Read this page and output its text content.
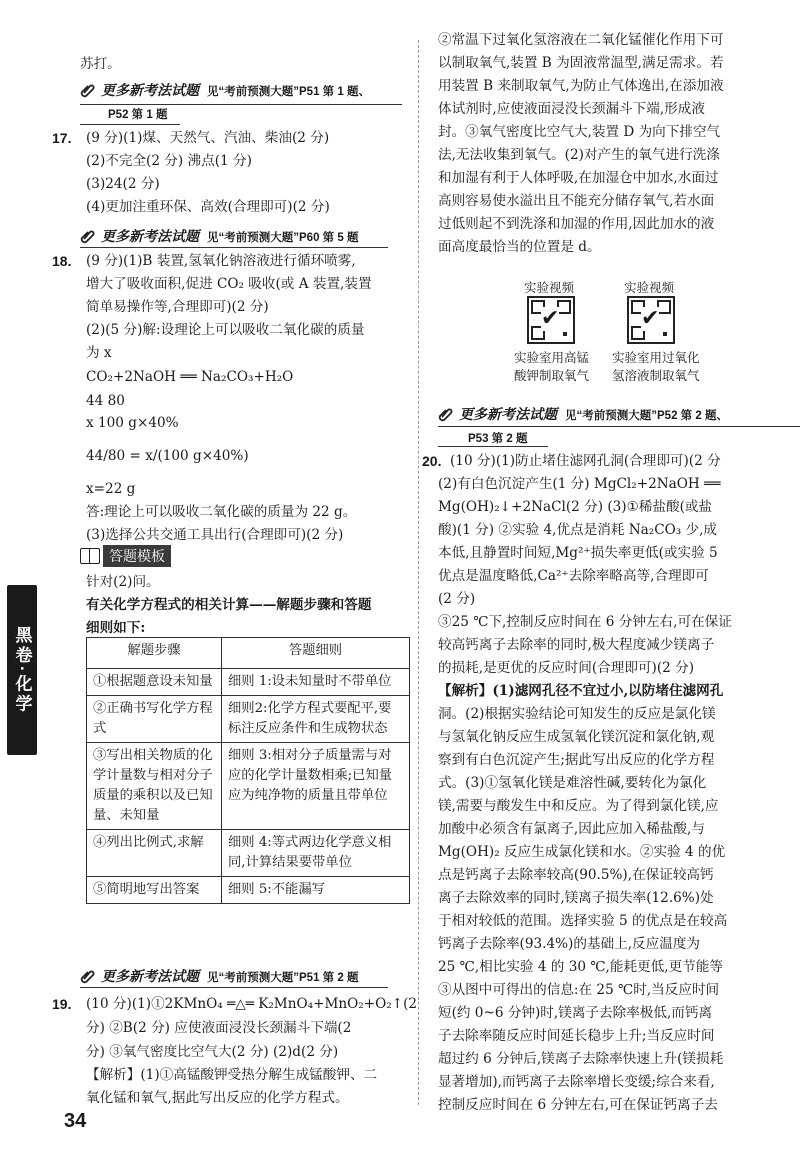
苏打。
更多新考法试题 见“考前预测大题”P51 第 1 题、
P52 第 1 题
17. (9 分)(1)煤、天然气、汽油、柴油(2 分)
(2)不完全(2 分) 沸点(1 分)
(3)24(2 分)
(4)更加注重环保、高效(合理即可)(2 分)
更多新考法试题 见“考前预测大题”P60 第 5 题
18. (9 分)(1)B 装置,氢氧化钠溶液进行循环喷雾,
增大了吸收面积,促进 CO₂ 吸收(或 A 装置,装置
简单易操作等,合理即可)(2 分)
(2)(5 分)解:设理论上可以吸收二氧化碳的质量
为 x
CO₂+2NaOH ══ Na₂CO₃+H₂O
44 80
x 100 g×40%
44/80 = x/(100 g×40%)
x=22 g
答:理论上可以吸收二氧化碳的质量为 22 g。
(3)选择公共交通工具出行(合理即可)(2 分)
答题模板
针对(2)问。
有关化学方程式的相关计算——解题步骤和答题
细则如下:
解题步骤	答题细则
①根据题意设未知量	细则 1:设未知量时不带单位
②正确书写化学方程式	细则2:化学方程式要配平,要标注反应条件和生成物状态
③写出相关物质的化学计量数与相对分子质量的乘积以及已知量、未知量	细则 3:相对分子质量需与对应的化学计量数相乘;已知量应为纯净物的质量且带单位
④列出比例式,求解	细则 4:等式两边化学意义相同,计算结果要带单位
⑤简明地写出答案	细则 5:不能漏写
更多新考法试题 见“考前预测大题”P51 第 2 题
19. (10 分)(1)①2KMnO₄ ═△═ K₂MnO₄+MnO₂+O₂↑(2
分) ②B(2 分) 应使液面浸没长颈漏斗下端(2
分) ③氧气密度比空气大(2 分) (2)d(2 分)
【解析】(1)①高锰酸钾受热分解生成锰酸钾、二
氧化锰和氧气,据此写出反应的化学方程式。
②常温下过氧化氢溶液在二氧化锰催化作用下可
以制取氧气,装置 B 为固液常温型,满足需求。若
用装置 B 来制取氧气,为防止气体逸出,在添加液
体试剂时,应使液面浸没长颈漏斗下端,形成液
封。③氧气密度比空气大,装置 D 为向下排空气
法,无法收集到氧气。(2)对产生的氧气进行洗涤
和加湿有利于人体呼吸,在加湿仓中加水,水面过
高则容易使水溢出且不能充分储存氧气,若水面
过低则起不到洗涤和加湿的作用,因此加水的液
面高度最恰当的位置是 d。
实验视频
✔
实验室用高锰
酸钾制取氧气
实验视频
✔
实验室用过氧化
氢溶液制取氧气
更多新考法试题 见“考前预测大题”P52 第 2 题、
P53 第 2 题
20. (10 分)(1)防止堵住滤网孔洞(合理即可)(2 分
(2)有白色沉淀产生(1 分) MgCl₂+2NaOH ══
Mg(OH)₂↓+2NaCl(2 分) (3)①稀盐酸(或盐
酸)(1 分) ②实验 4,优点是消耗 Na₂CO₃ 少,成
本低,且静置时间短,Mg²⁺损失率更低(或实验 5
优点是温度略低,Ca²⁺去除率略高等,合理即可
(2 分)
③25 ℃下,控制反应时间在 6 分钟左右,可在保证
较高钙离子去除率的同时,极大程度减少镁离子
的损耗,是更优的反应时间(合理即可)(2 分)
【解析】(1)滤网孔径不宜过小,以防堵住滤网孔
洞。(2)根据实验结论可知发生的反应是氯化镁
与氢氧化钠反应生成氢氧化镁沉淀和氯化钠,观
察到有白色沉淀产生;据此写出反应的化学方程
式。(3)①氢氧化镁是难溶性碱,要转化为氯化
镁,需要与酸发生中和反应。为了得到氯化镁,应
加酸中必须含有氯离子,因此应加入稀盐酸,与
Mg(OH)₂ 反应生成氯化镁和水。②实验 4 的优
点是钙离子去除率较高(90.5%),在保证较高钙
离子去除效率的同时,镁离子损失率(12.6%)处
于相对较低的范围。选择实验 5 的优点是在较高
钙离子去除率(93.4%)的基础上,反应温度为
25 ℃,相比实验 4 的 30 ℃,能耗更低,更节能等
③从图中可得出的信息:在 25 ℃时,当反应时间
短(约 0~6 分钟)时,镁离子去除率极低,而钙离
子去除率随反应时间延长稳步上升;当反应时间
超过约 6 分钟后,镁离子去除率快速上升(镁损耗
显著增加),而钙离子去除率增长变缓;综合来看,
控制反应时间在 6 分钟左右,可在保证钙离子去
黑卷·化学
34
